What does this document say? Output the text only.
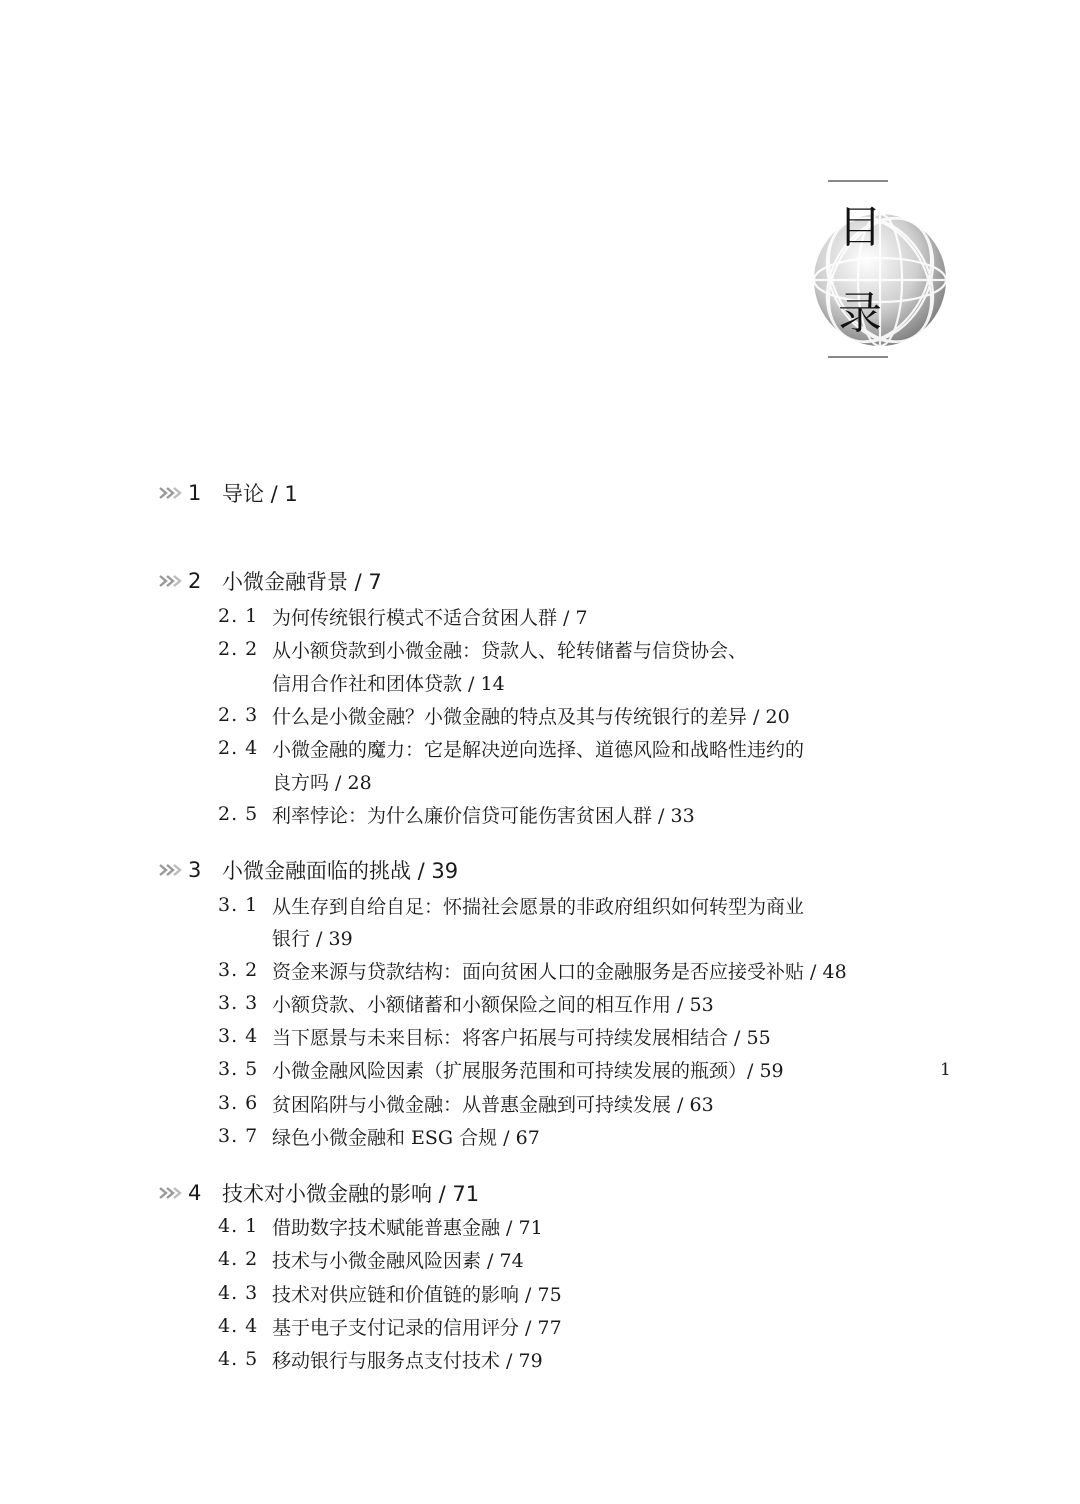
目
录
1 导论 / 1
2 小微金融背景 / 7
2. 1 为何传统银行模式不适合贫困人群 / 7
2. 2 从小额贷款到小微金融：贷款人、轮转储蓄与信贷协会、
信用合作社和团体贷款 / 14
2. 3 什么是小微金融？小微金融的特点及其与传统银行的差异 / 20
2. 4 小微金融的魔力：它是解决逆向选择、道德风险和战略性违约的
良方吗 / 28
2. 5 利率悖论：为什么廉价信贷可能伤害贫困人群 / 33
3 小微金融面临的挑战 / 39
3. 1 从生存到自给自足：怀揣社会愿景的非政府组织如何转型为商业
银行 / 39
3. 2 资金来源与贷款结构：面向贫困人口的金融服务是否应接受补贴 / 48
3. 3 小额贷款、小额储蓄和小额保险之间的相互作用 / 53
3. 4 当下愿景与未来目标：将客户拓展与可持续发展相结合 / 55
3. 5 小微金融风险因素（扩展服务范围和可持续发展的瓶颈）/ 59
3. 6 贫困陷阱与小微金融：从普惠金融到可持续发展 / 63
3. 7 绿色小微金融和 ESG 合规 / 67
4 技术对小微金融的影响 / 71
4. 1 借助数字技术赋能普惠金融 / 71
4. 2 技术与小微金融风险因素 / 74
4. 3 技术对供应链和价值链的影响 / 75
4. 4 基于电子支付记录的信用评分 / 77
4. 5 移动银行与服务点支付技术 / 79
1
